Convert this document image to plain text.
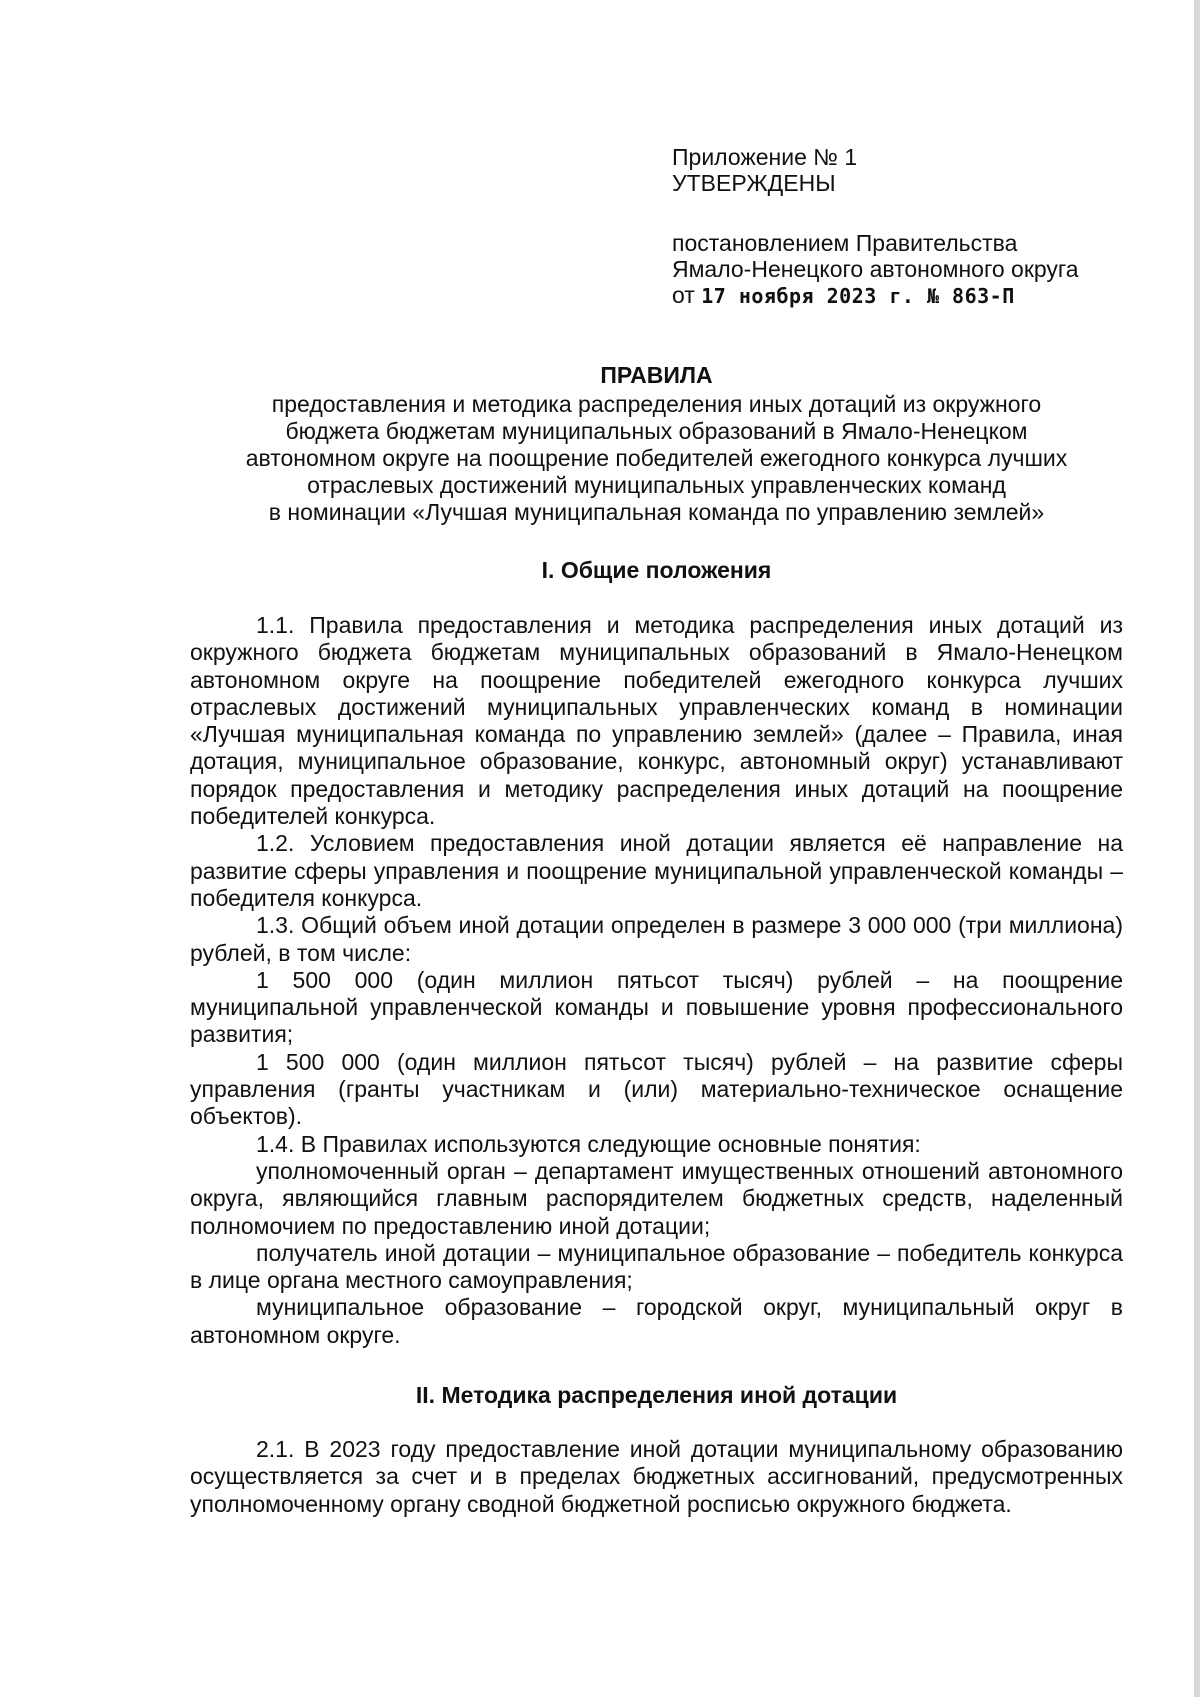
Приложение № 1
УТВЕРЖДЕНЫ
постановлением Правительства
Ямало-Ненецкого автономного округа
от 17 ноября 2023 г. № 863-П
ПРАВИЛА
предоставления и методика распределения иных дотаций из окружного
бюджета бюджетам муниципальных образований в Ямало-Ненецком
автономном округе на поощрение победителей ежегодного конкурса лучших
отраслевых достижений муниципальных управленческих команд
в номинации «Лучшая муниципальная команда по управлению землей»
I. Общие положения

1.1. Правила предоставления и методика распределения иных дотаций из окружного бюджета бюджетам муниципальных образований в Ямало-Ненецком автономном округе на поощрение победителей ежегодного конкурса лучших отраслевых достижений муниципальных управленческих команд в номинации «Лучшая муниципальная команда по управлению землей» (далее – Правила, иная дотация, муниципальное образование, конкурс, автономный округ) устанавливают порядок предоставления и методику распределения иных дотаций на поощрение победителей конкурса.

1.2. Условием предоставления иной дотации является её направление на развитие сферы управления и поощрение муниципальной управленческой команды – победителя конкурса.

1.3. Общий объем иной дотации определен в размере 3 000 000 (три миллиона) рублей, в том числе:

1 500 000 (один миллион пятьсот тысяч) рублей – на поощрение муниципальной управленческой команды и повышение уровня профессионального развития;

1 500 000 (один миллион пятьсот тысяч) рублей – на развитие сферы управления (гранты участникам и (или) материально-техническое оснащение объектов).

1.4. В Правилах используются следующие основные понятия:

уполномоченный орган – департамент имущественных отношений автономного округа, являющийся главным распорядителем бюджетных средств, наделенный полномочием по предоставлению иной дотации;

получатель иной дотации – муниципальное образование – победитель конкурса в лице органа местного самоуправления;

муниципальное образование – городской округ, муниципальный округ в автономном округе.

II. Методика распределения иной дотации

2.1. В 2023 году предоставление иной дотации муниципальному образованию осуществляется за счет и в пределах бюджетных ассигнований, предусмотренных уполномоченному органу сводной бюджетной росписью окружного бюджета.
